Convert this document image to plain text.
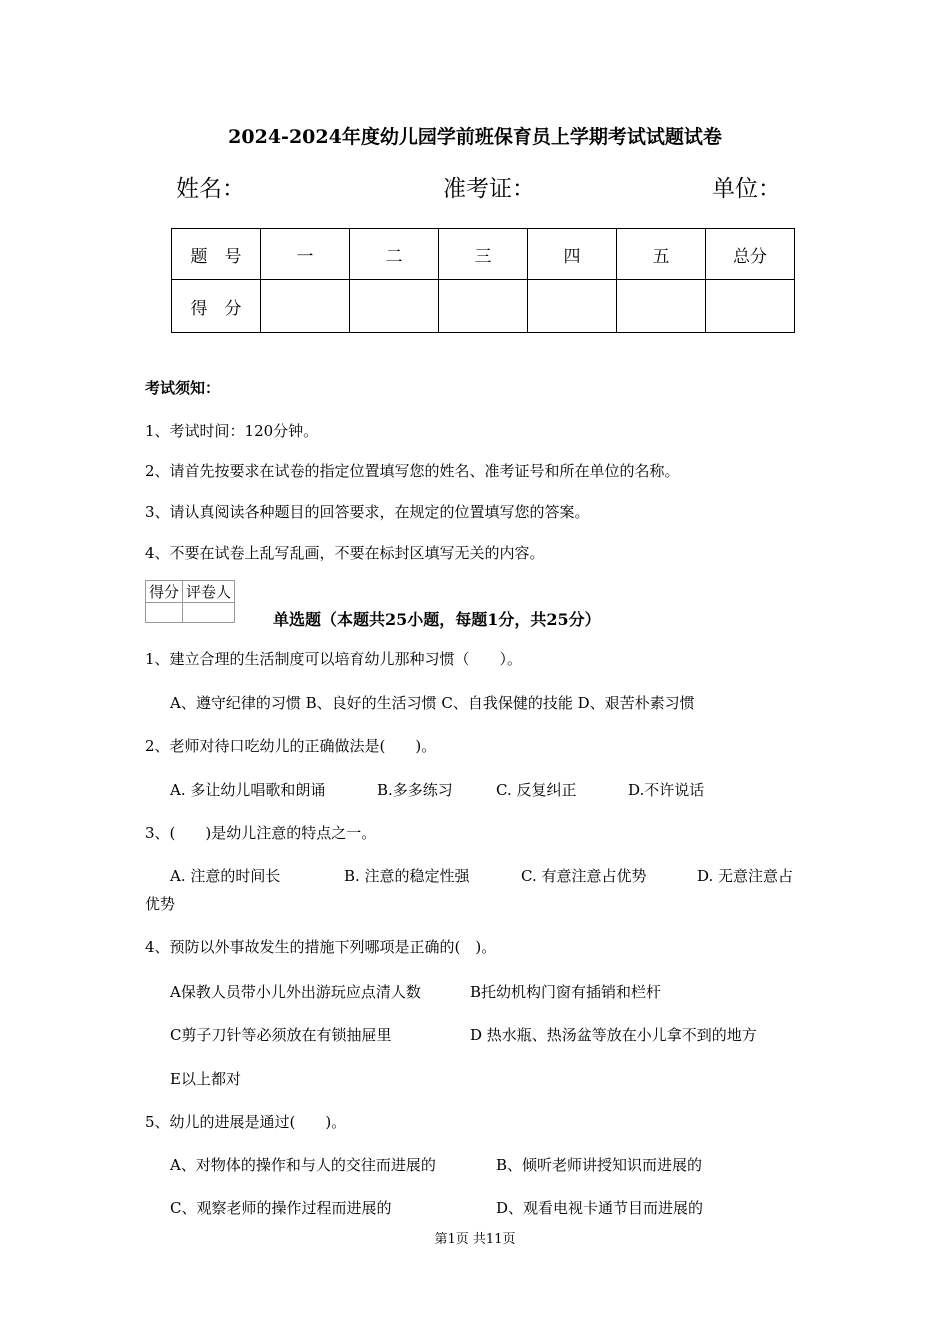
2024-2024年度幼儿园学前班保育员上学期考试试题试卷
姓名：	准考证：	单位：
题　号	一	二	三	四	五	总分
得　分						
考试须知：
1、考试时间：120分钟。
2、请首先按要求在试卷的指定位置填写您的姓名、准考证号和所在单位的名称。
3、请认真阅读各种题目的回答要求，在规定的位置填写您的答案。
4、不要在试卷上乱写乱画，不要在标封区填写无关的内容。
得分	评卷人

单选题（本题共25小题，每题1分，共25分）
1、建立合理的生活制度可以培育幼儿那种习惯（　　）。
A、遵守纪律的习惯 B、良好的生活习惯 C、自我保健的技能 D、艰苦朴素习惯
2、老师对待口吃幼儿的正确做法是(　　)。
A. 多让幼儿唱歌和朗诵	B.多多练习	C. 反复纠正	D.不许说话
3、(　　)是幼儿注意的特点之一。
A. 注意的时间长	B. 注意的稳定性强	C. 有意注意占优势	D. 无意注意占
优势
4、预防以外事故发生的措施下列哪项是正确的(　)。
A保教人员带小儿外出游玩应点清人数	B托幼机构门窗有插销和栏杆
C剪子刀针等必须放在有锁抽屉里	D 热水瓶、热汤盆等放在小儿拿不到的地方
E以上都对
5、幼儿的进展是通过(　　)。
A、对物体的操作和与人的交往而进展的	B、倾听老师讲授知识而进展的
C、观察老师的操作过程而进展的	D、观看电视卡通节目而进展的
第1页 共11页
